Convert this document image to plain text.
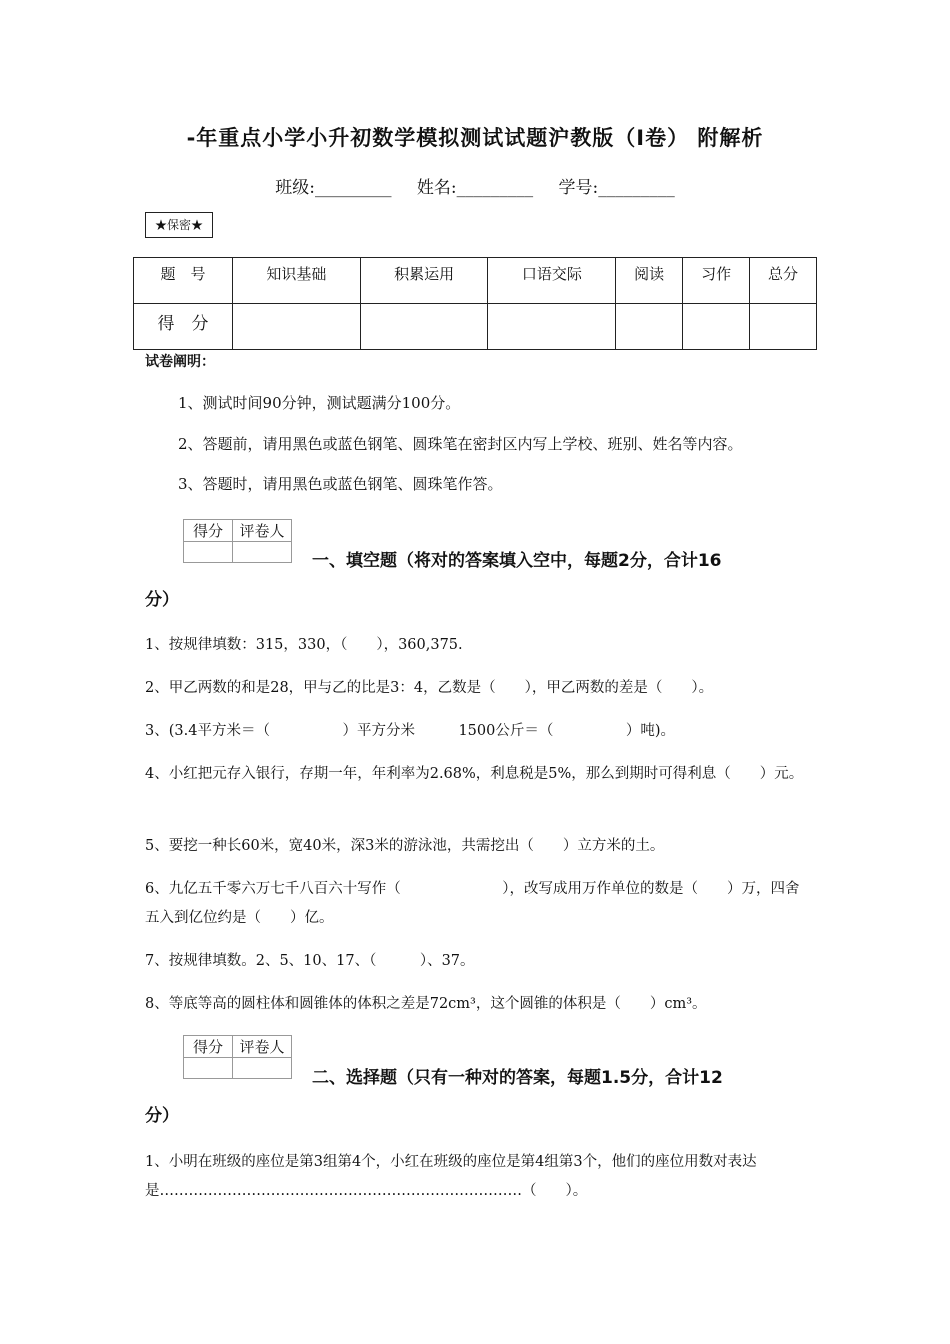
-年重点小学小升初数学模拟测试试题沪教版（I卷） 附解析
班级:_________ 姓名:_________ 学号:_________
★保密★
题　号	知识基础	积累运用	口语交际	阅读	习作	总分
得　分						
试卷阐明：
1、测试时间90分钟，测试题满分100分。
2、答题前，请用黑色或蓝色钢笔、圆珠笔在密封区内写上学校、班别、姓名等内容。
3、答题时，请用黑色或蓝色钢笔、圆珠笔作答。
得分	评卷人

一、填空题（将对的答案填入空中，每题2分，合计16
分）
1、按规律填数：315，330，（　　），360,375.
2、甲乙两数的和是28，甲与乙的比是3：4，乙数是（　　），甲乙两数的差是（　　）。
3、(3.4平方米＝（　　　　　）平方分米　　　1500公斤＝（　　　　　）吨)。
4、小红把元存入银行，存期一年，年利率为2.68%，利息税是5%，那么到期时可得利息（　　）元。
5、要挖一种长60米，宽40米，深3米的游泳池，共需挖出（　　）立方米的土。
6、九亿五千零六万七千八百六十写作（　　　　　　　），改写成用万作单位的数是（　　）万，四舍五入到亿位约是（　　）亿。
7、按规律填数。2、5、10、17、（　　　）、37。
8、等底等高的圆柱体和圆锥体的体积之差是72cm³，这个圆锥的体积是（　　）cm³。
得分	评卷人

二、选择题（只有一种对的答案，每题1.5分，合计12
分）
1、小明在班级的座位是第3组第4个，小红在班级的座位是第4组第3个，他们的座位用数对表达是…………………………………………………………………（　　）。
